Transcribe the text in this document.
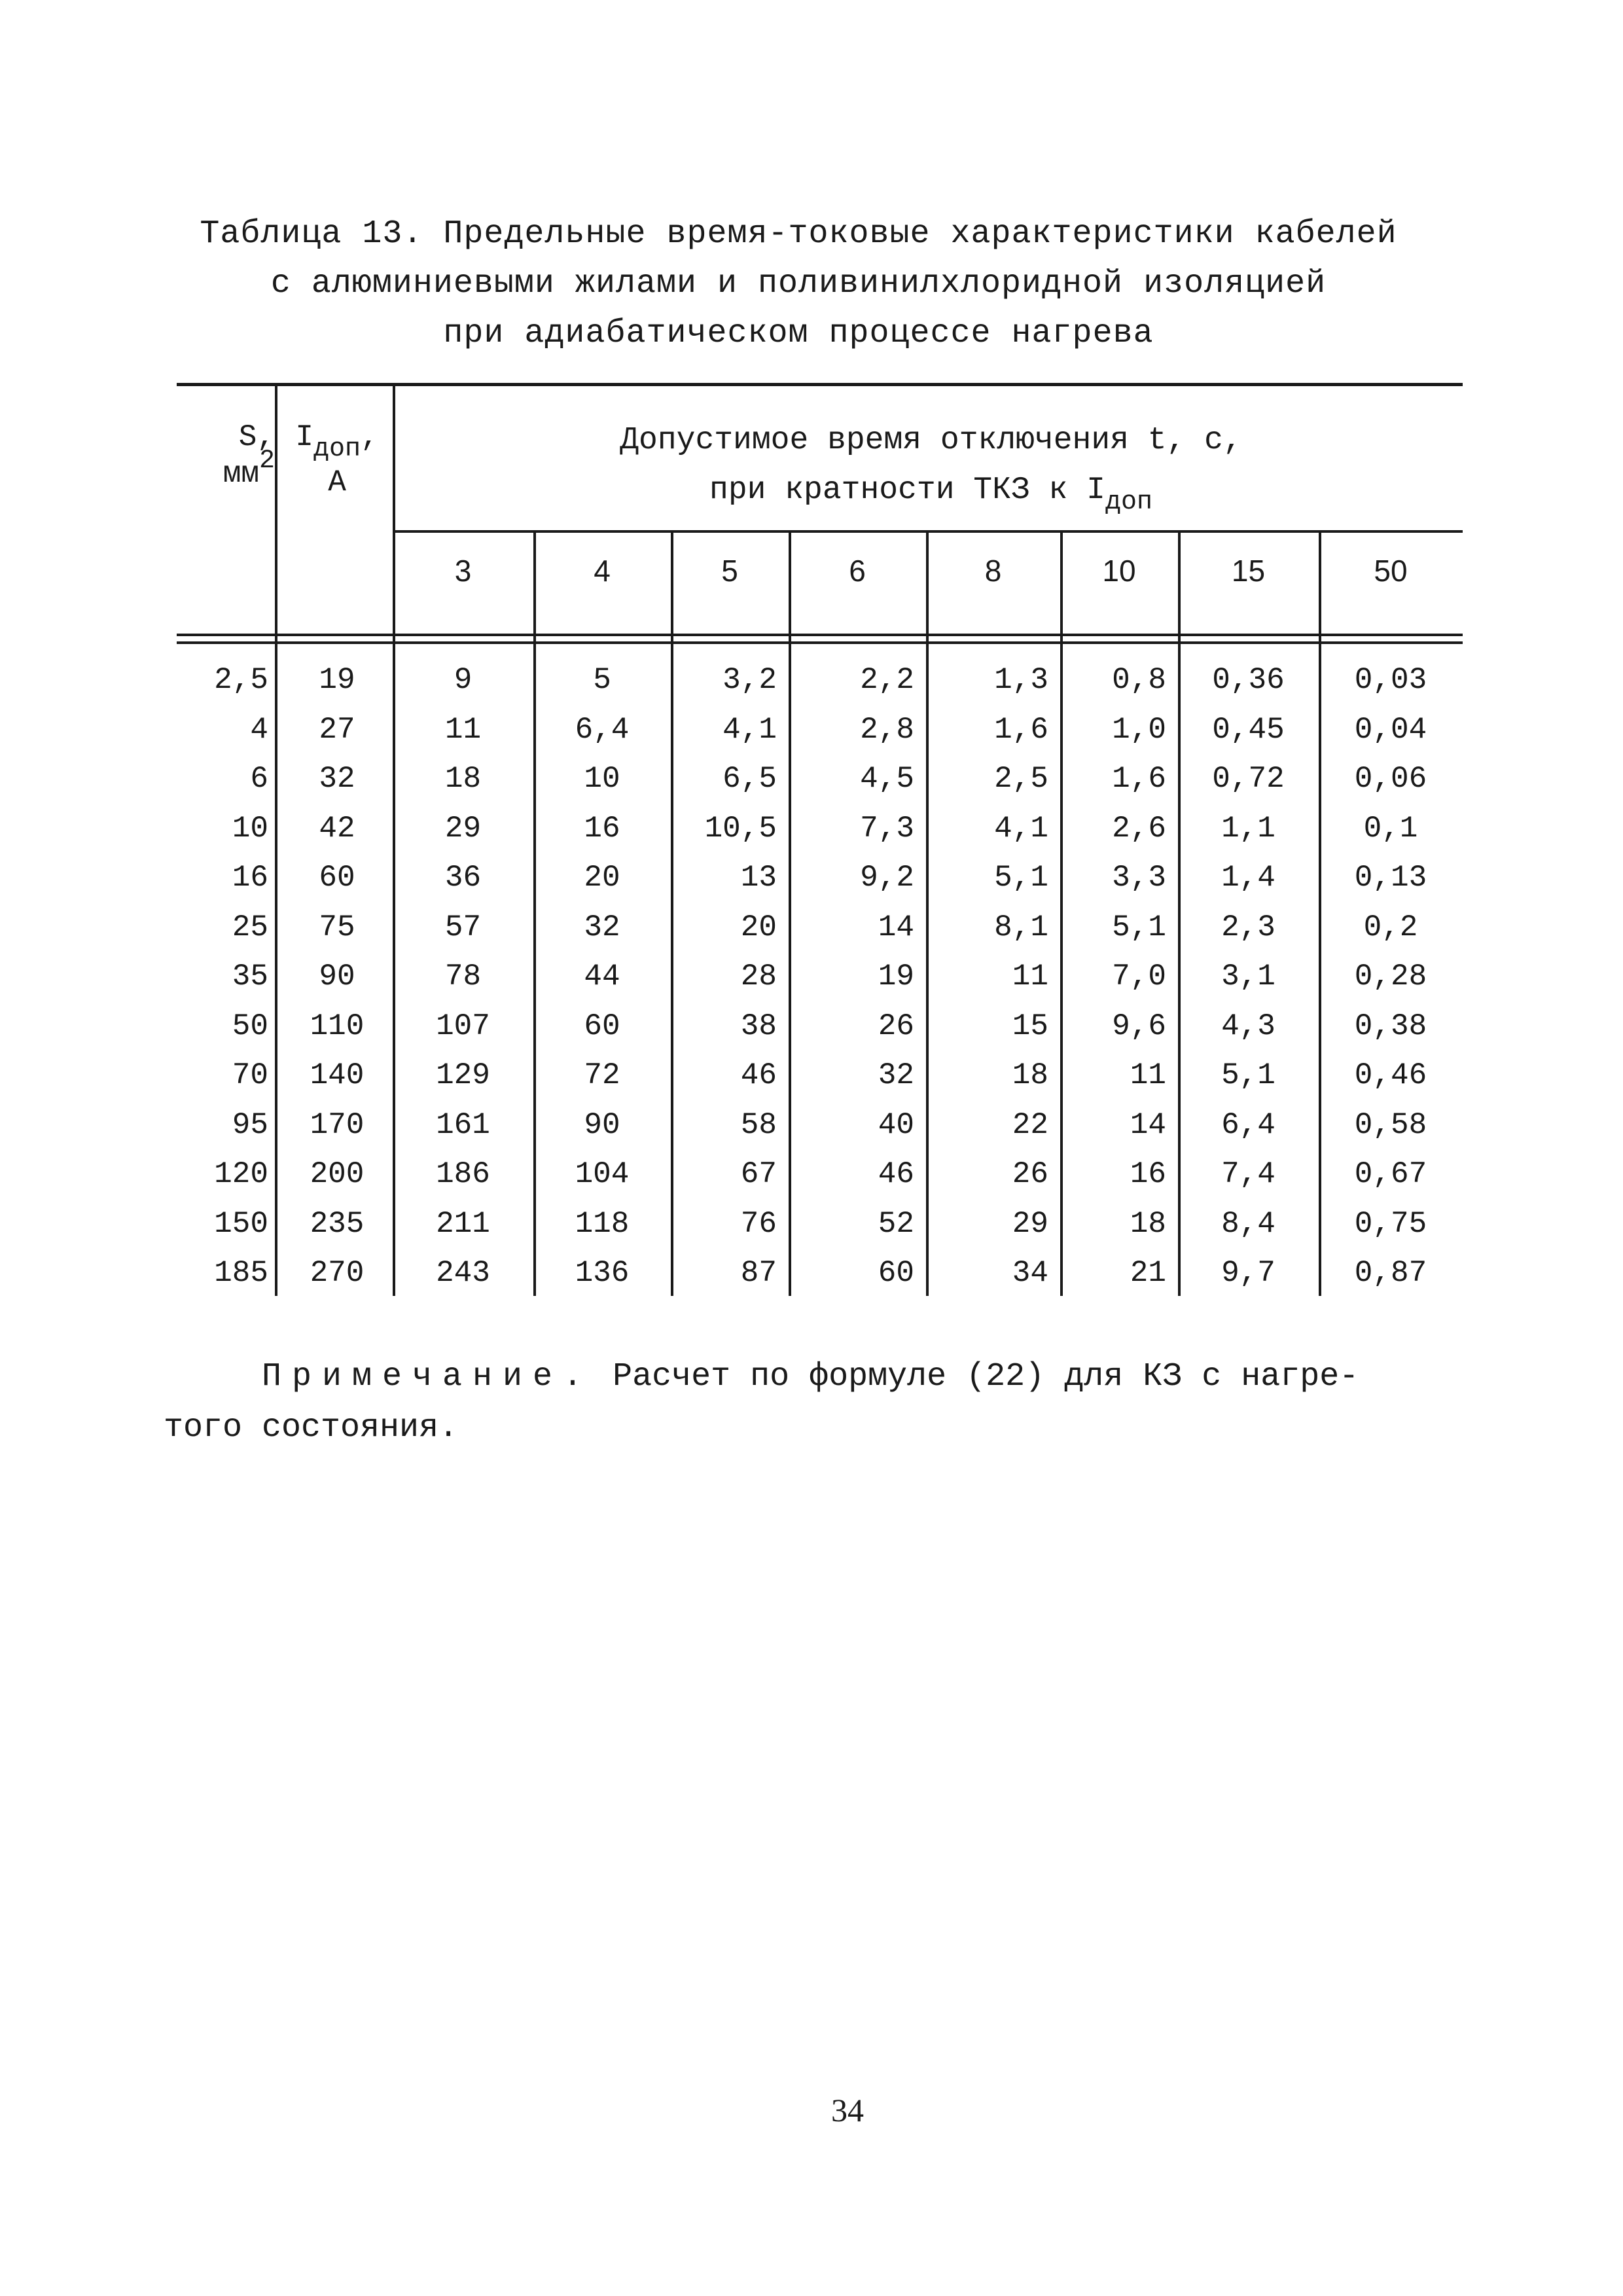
Таблица 13. Предельные время-токовые характеристики кабелей
с алюминиевыми жилами и поливинилхлоридной изоляцией
при адиабатическом процессе нагрева
S,
мм2
Iдоп,
A
Допустимое время отключения t, с,
при кратности ТКЗ к $I_{доп}$
3	4	5	6	8	10	15	50
2,5	19	9	5	3,2	2,2	1,3	0,8	0,36	0,03
4	27	11	6,4	4,1	2,8	1,6	1,0	0,45	0,04
6	32	18	10	6,5	4,5	2,5	1,6	0,72	0,06
10	42	29	16	10,5	7,3	4,1	2,6	1,1	0,1
16	60	36	20	13	9,2	5,1	3,3	1,4	0,13
25	75	57	32	20	14	8,1	5,1	2,3	0,2
35	90	78	44	28	19	11	7,0	3,1	0,28
50	110	107	60	38	26	15	9,6	4,3	0,38
70	140	129	72	46	32	18	11	5,1	0,46
95	170	161	90	58	40	22	14	6,4	0,58
120	200	186	104	67	46	26	16	7,4	0,67
150	235	211	118	76	52	29	18	8,4	0,75
185	270	243	136	87	60	34	21	9,7	0,87
Примечание. Расчет по формуле (22) для КЗ с нагре-
того состояния.
34
